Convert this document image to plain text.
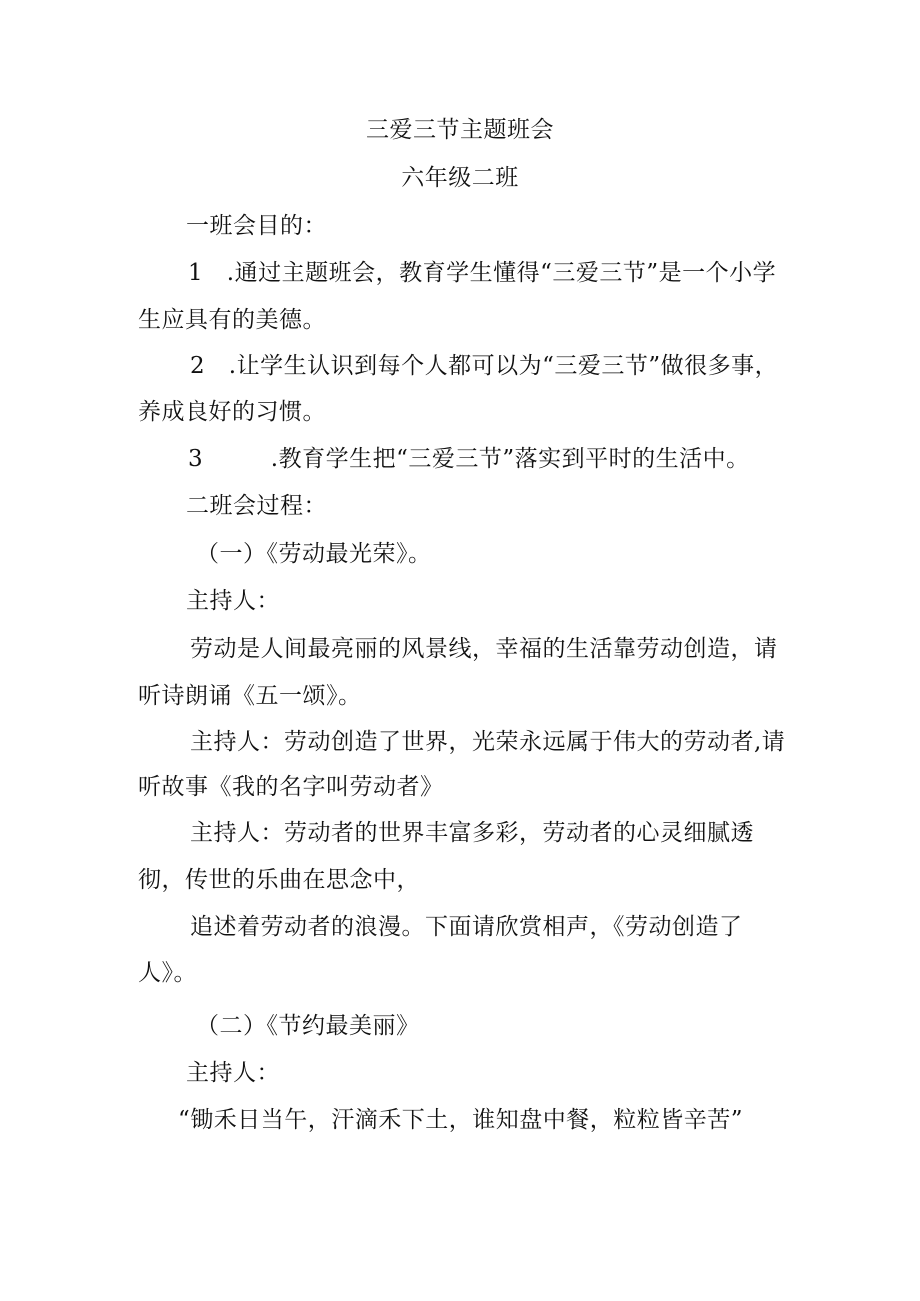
三爱三节主题班会
六年级二班
一班会目的：
1 .通过主题班会，教育学生懂得“三爱三节”是一个小学
生应具有的美德。
2 .让学生认识到每个人都可以为“三爱三节”做很多事，
养成良好的习惯。
3	.教育学生把“三爱三节”落实到平时的生活中。
二班会过程：
（一）《劳动最光荣》。
主持人：
劳动是人间最亮丽的风景线，幸福的生活靠劳动创造，请
听诗朗诵《五一颂》。
主持人：劳动创造了世界，光荣永远属于伟大的劳动者,请
听故事《我的名字叫劳动者》
主持人：劳动者的世界丰富多彩，劳动者的心灵细腻透
彻，传世的乐曲在思念中，
追述着劳动者的浪漫。下面请欣赏相声，《劳动创造了
人》。
（二）《节约最美丽》
主持人：
“锄禾日当午，汗滴禾下土，谁知盘中餐，粒粒皆辛苦”
